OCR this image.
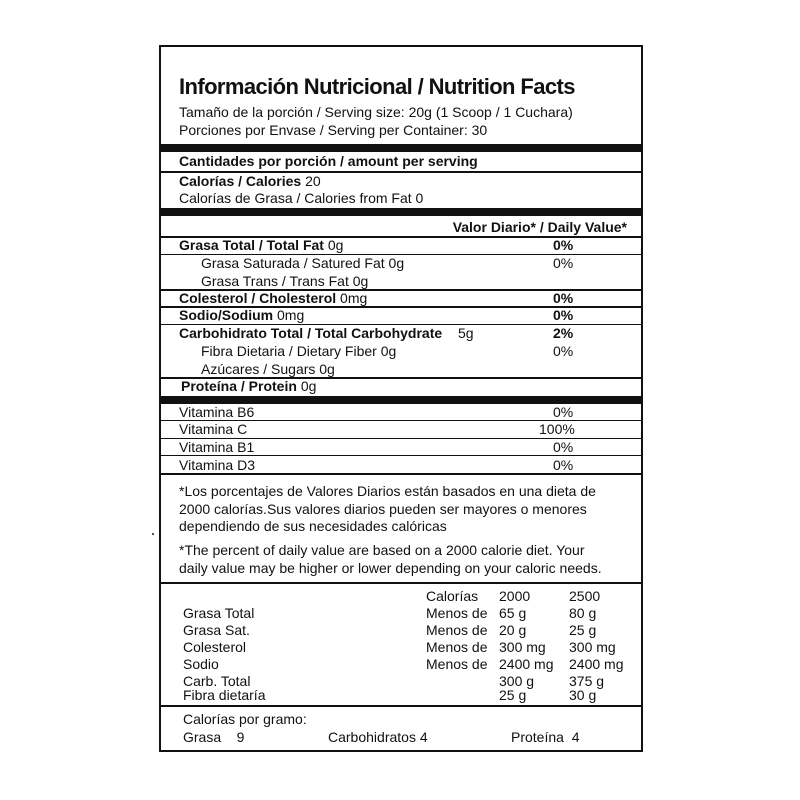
Información Nutricional / Nutrition Facts
Tamaño de la porción / Serving size: 20g (1 Scoop / 1 Cuchara)
Porciones por Envase / Serving per Container: 30
Cantidades por porción / amount per serving
Calorías / Calories 20
Calorías de Grasa / Calories from Fat 0
Valor Diario* / Daily Value*
Grasa Total / Total Fat 0g	0%
Grasa Saturada / Satured Fat 0g	0%
Grasa Trans / Trans Fat 0g
Colesterol / Cholesterol 0mg	0%
Sodio/Sodium 0mg	0%
Carbohidrato Total / Total Carbohydrate 5g	2%
Fibra Dietaria / Dietary Fiber 0g	0%
Azúcares / Sugars 0g
Proteína / Protein 0g
Vitamina B6	0%
Vitamina C	100%
Vitamina B1	0%
Vitamina D3	0%
*Los porcentajes de Valores Diarios están basados en una dieta de
2000 calorías.Sus valores diarios pueden ser mayores o menores
dependiendo de sus necesidades calóricas
*The percent of daily value are based on a 2000 calorie diet. Your
daily value may be higher or lower depending on your caloric needs.
Calorías 2000	2500
Grasa Total	Menos de 65 g	80 g
Grasa Sat.	Menos de 20 g	25 g
Colesterol	Menos de 300 mg 300 mg
Sodio	Menos de 2400 mg 2400 mg
Carb. Total	300 g 375 g
Fibra dietaría	25 g	30 g
Calorías por gramo:
Grasa    9	Carbohidratos 4	Proteína  4
